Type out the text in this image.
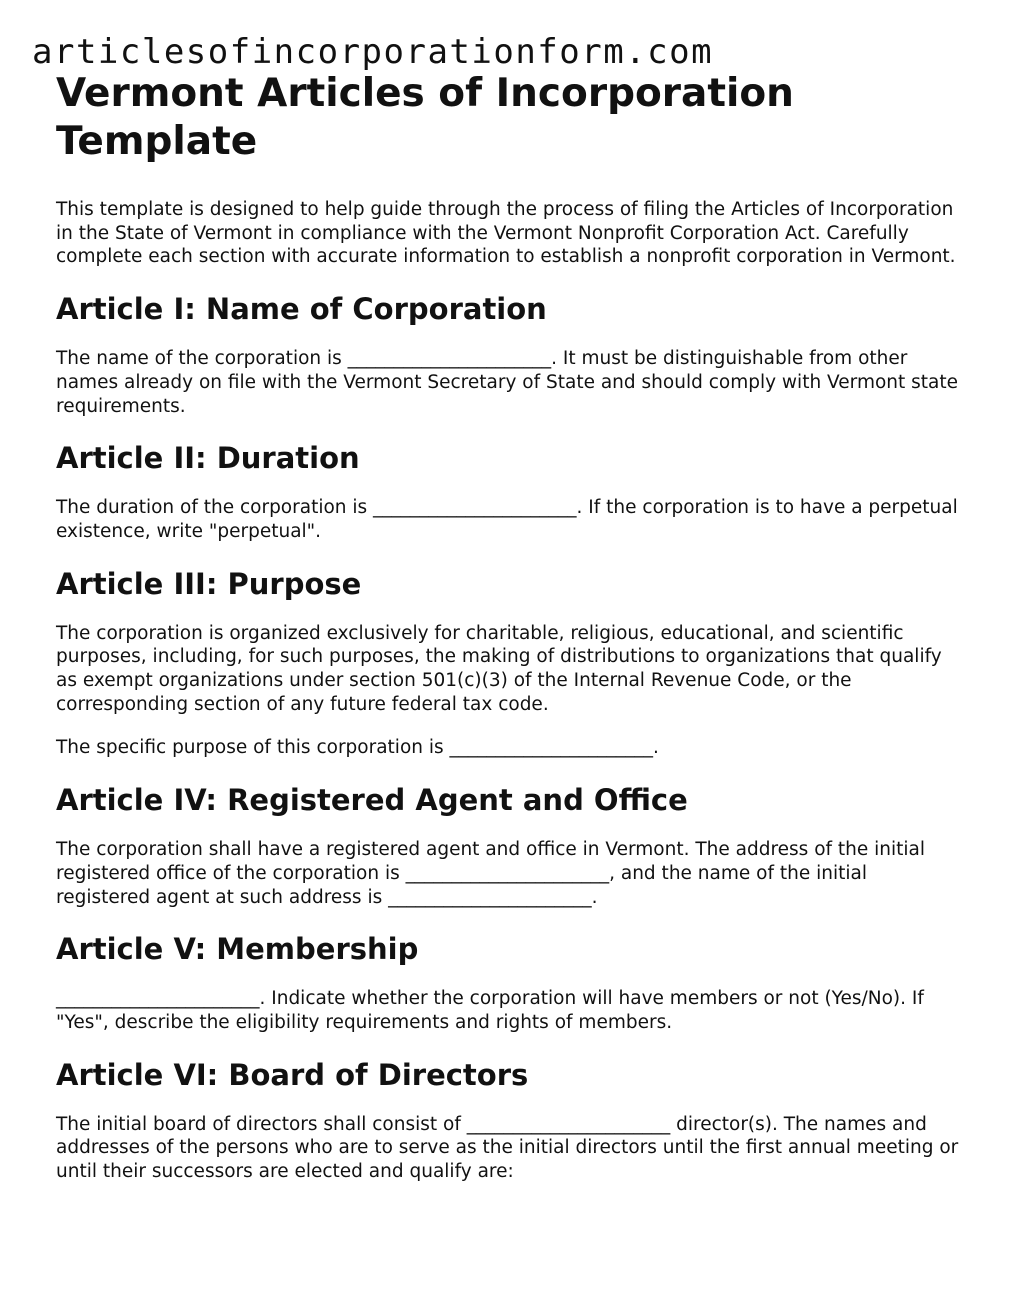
articlesofincorporationform.com
Vermont Articles of Incorporation Template

This template is designed to help guide through the process of filing the Articles of Incorporation in the State of Vermont in compliance with the Vermont Nonprofit Corporation Act. Carefully complete each section with accurate information to establish a nonprofit corporation in Vermont.

Article I: Name of Corporation

The name of the corporation is ______________________. It must be distinguishable from other names already on file with the Vermont Secretary of State and should comply with Vermont state requirements.

Article II: Duration

The duration of the corporation is ______________________. If the corporation is to have a perpetual existence, write "perpetual".

Article III: Purpose

The corporation is organized exclusively for charitable, religious, educational, and scientific purposes, including, for such purposes, the making of distributions to organizations that qualify as exempt organizations under section 501(c)(3) of the Internal Revenue Code, or the corresponding section of any future federal tax code.

The specific purpose of this corporation is ______________________.

Article IV: Registered Agent and Office

The corporation shall have a registered agent and office in Vermont. The address of the initial registered office of the corporation is ______________________, and the name of the initial registered agent at such address is ______________________.

Article V: Membership

______________________. Indicate whether the corporation will have members or not (Yes/No). If "Yes", describe the eligibility requirements and rights of members.

Article VI: Board of Directors

The initial board of directors shall consist of ______________________ director(s). The names and addresses of the persons who are to serve as the initial directors until the first annual meeting or until their successors are elected and qualify are:
